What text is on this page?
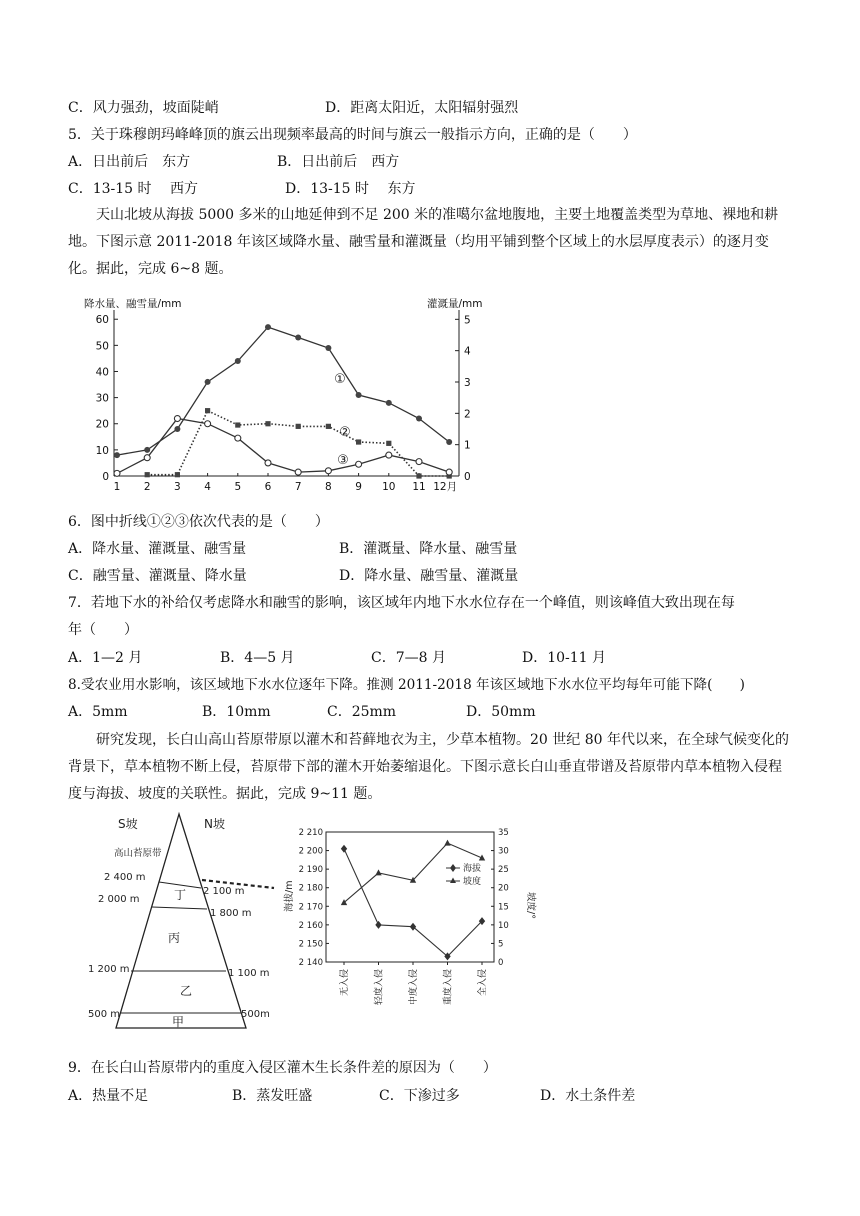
C．风力强劲，坡面陡峭	D．距离太阳近，太阳辐射强烈
5．关于珠穆朗玛峰峰顶的旗云出现频率最高的时间与旗云一般指示方向，正确的是（　　）
A．日出前后　东方	B．日出前后　西方
C．13-15 时　 西方	D．13-15 时　 东方
天山北坡从海拔 5000 多米的山地延伸到不足 200 米的准噶尔盆地腹地，主要土地覆盖类型为草地、裸地和耕地。下图示意 2011-2018 年该区域降水量、融雪量和灌溉量（均用平铺到整个区域上的水层厚度表示）的逐月变化。据此，完成 6~8 题。
降水量、融雪量/mm	灌溉量/mm
0
10
20
30
40
50
60
0
1
2
3
4
5
1 2 3 4 5 6 7 8 9 10 11 12月
①
②
③
6．图中折线①②③依次代表的是（　　）
A．降水量、灌溉量、融雪量	B．灌溉量、降水量、融雪量
C．融雪量、灌溉量、降水量	D．降水量、融雪量、灌溉量
7．若地下水的补给仅考虑降水和融雪的影响，该区域年内地下水水位存在一个峰值，则该峰值大致出现在每
年（　　）
A．1—2 月	B．4—5 月	C．7—8 月	D．10-11 月
8.受农业用水影响，该区域地下水水位逐年下降。推测 2011-2018 年该区域地下水水位平均每年可能下降(　　)
A．5mm	B．10mm	C．25mm	D．50mm
研究发现，长白山高山苔原带原以灌木和苔藓地衣为主，少草本植物。20 世纪 80 年代以来，在全球气候变化的背景下，草本植物不断上侵，苔原带下部的灌木开始萎缩退化。下图示意长白山垂直带谱及苔原带内草本植物入侵程度与海拔、坡度的关联性。据此，完成 9~11 题。
S坡	N坡
高山苔原带
2 400 m
2 000 m
1 200 m
500 m
2 100 m
1 800 m
1 100 m
500m
丁
丙
乙
甲
海拔/m	坡度/°
2 140
2 150
2 160
2 170
2 180
2 190
2 200
2 210
0
5
10
15
20
25
30
35
无入侵	轻度入侵	中度入侵	重度入侵	全入侵
海拔
坡度
9．在长白山苔原带内的重度入侵区灌木生长条件差的原因为（　　）
A．热量不足	B．蒸发旺盛	C．下渗过多	D．水土条件差
